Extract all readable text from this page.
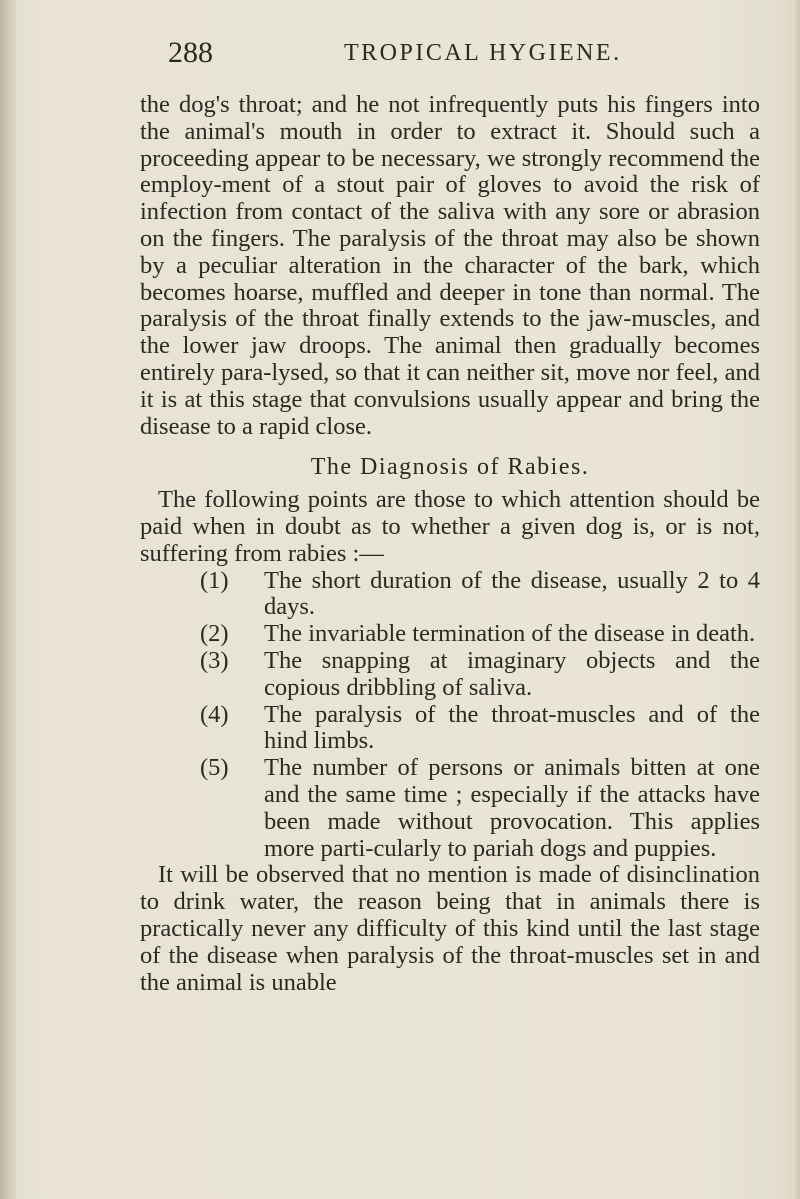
288	TROPICAL HYGIENE.

the dog's throat; and he not infrequently puts his fingers into the animal's mouth in order to extract it. Should such a proceeding appear to be necessary, we strongly recommend the employ-ment of a stout pair of gloves to avoid the risk of infection from contact of the saliva with any sore or abrasion on the fingers. The paralysis of the throat may also be shown by a peculiar alteration in the character of the bark, which becomes hoarse, muffled and deeper in tone than normal. The paralysis of the throat finally extends to the jaw-muscles, and the lower jaw droops. The animal then gradually becomes entirely para-lysed, so that it can neither sit, move nor feel, and it is at this stage that convulsions usually appear and bring the disease to a rapid close.

The Diagnosis of Rabies.

The following points are those to which attention should be paid when in doubt as to whether a given dog is, or is not, suffering from rabies :—

(1)	The short duration of the disease, usually 2 to 4 days.
(2)	The invariable termination of the disease in death.
(3)	The snapping at imaginary objects and the copious dribbling of saliva.
(4)	The paralysis of the throat-muscles and of the hind limbs.
(5)	The number of persons or animals bitten at one and the same time ; especially if the attacks have been made without provocation. This applies more parti-cularly to pariah dogs and puppies.

It will be observed that no mention is made of disinclination to drink water, the reason being that in animals there is practically never any difficulty of this kind until the last stage of the disease when paralysis of the throat-muscles set in and the animal is unable
